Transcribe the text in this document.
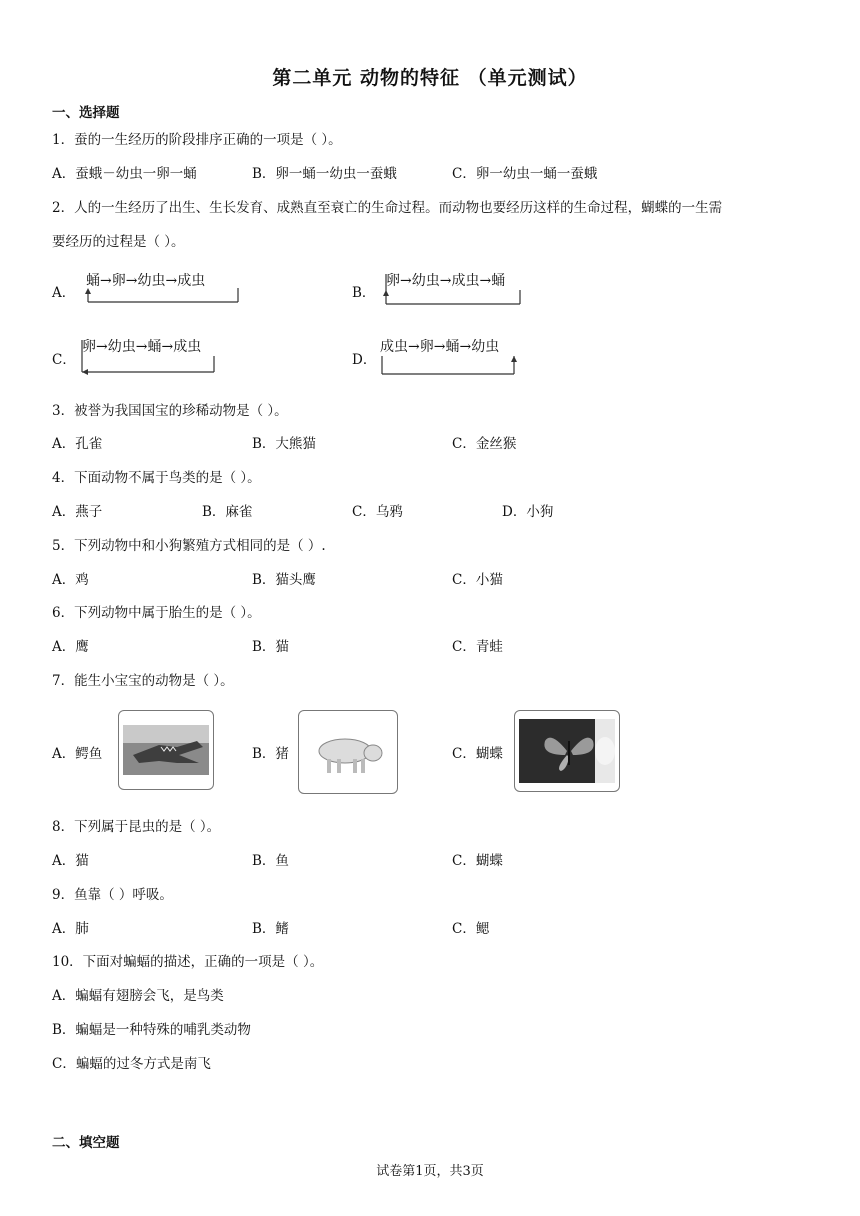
第二单元 动物的特征 （单元测试）
一、选择题
1．蚕的一生经历的阶段排序正确的一项是（ ）。
A．蚕蛾－幼虫一卵一蛹	B．卵一蛹一幼虫一蚕蛾	C．卵一幼虫一蛹一蚕蛾
2．人的一生经历了出生、生长发育、成熟直至衰亡的生命过程。而动物也要经历这样的生命过程，蝴蝶的一生需
要经历的过程是（ ）。
A．
蛹→卵→幼虫→成虫
B．
卵→幼虫→成虫→蛹
C．
卵→幼虫→蛹→成虫
D．
成虫→卵→蛹→幼虫
3．被誉为我国国宝的珍稀动物是（ ）。
A．孔雀	B．大熊猫	C．金丝猴
4．下面动物不属于鸟类的是（ ）。
A．燕子	B．麻雀	C．乌鸦	D．小狗
5．下列动物中和小狗繁殖方式相同的是（ ）.
A．鸡	B．猫头鹰	C．小猫
6．下列动物中属于胎生的是（ ）。
A．鹰	B．猫	C．青蛙
7．能生小宝宝的动物是（ ）。
A．鳄鱼	B．猪	C．蝴蝶
8．下列属于昆虫的是（ ）。
A．猫	B．鱼	C．蝴蝶
9．鱼靠（ ）呼吸。
A．肺	B．鳍	C．鳃
10．下面对蝙蝠的描述，正确的一项是（ ）。
A．蝙蝠有翅膀会飞，是鸟类
B．蝙蝠是一种特殊的哺乳类动物
C．蝙蝠的过冬方式是南飞
二、填空题
试卷第1页，共3页
